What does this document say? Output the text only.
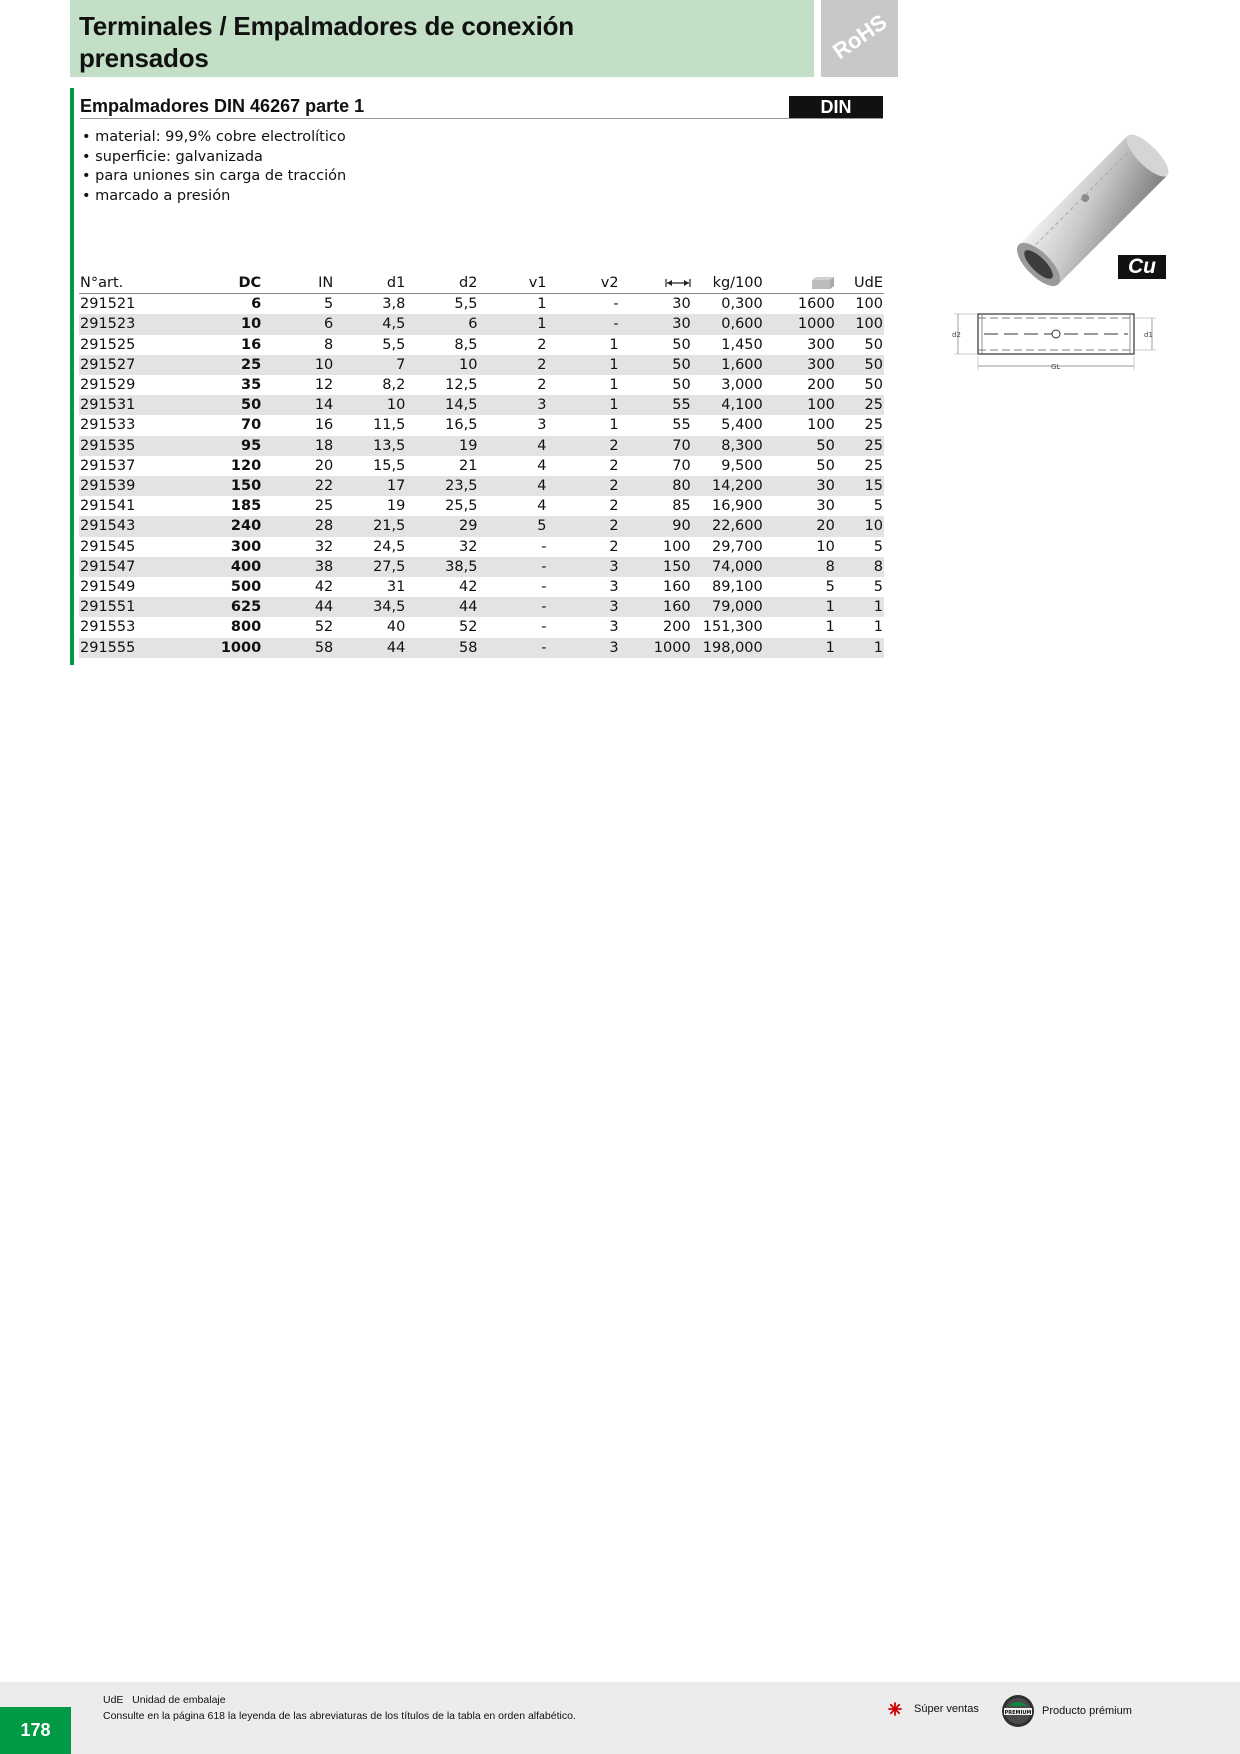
Terminales / Empalmadores de conexión prensados	RoHS
Empalmadores DIN 46267 parte 1	DIN
• material: 99,9% cobre electrolítico
• superficie: galvanizada
• para uniones sin carga de tracción
• marcado a presión
Cu
d2	d1
GL
N°art.	DC	IN	d1	d2	v1	v2		kg/100		UdE
291521	6	5	3,8	5,5	1	-	30	0,300	1600	100
291523	10	6	4,5	6	1	-	30	0,600	1000	100
291525	16	8	5,5	8,5	2	1	50	1,450	300	50
291527	25	10	7	10	2	1	50	1,600	300	50
291529	35	12	8,2	12,5	2	1	50	3,000	200	50
291531	50	14	10	14,5	3	1	55	4,100	100	25
291533	70	16	11,5	16,5	3	1	55	5,400	100	25
291535	95	18	13,5	19	4	2	70	8,300	50	25
291537	120	20	15,5	21	4	2	70	9,500	50	25
291539	150	22	17	23,5	4	2	80	14,200	30	15
291541	185	25	19	25,5	4	2	85	16,900	30	5
291543	240	28	21,5	29	5	2	90	22,600	20	10
291545	300	32	24,5	32	-	2	100	29,700	10	5
291547	400	38	27,5	38,5	-	3	150	74,000	8	8
291549	500	42	31	42	-	3	160	89,100	5	5
291551	625	44	34,5	44	-	3	160	79,000	1	1
291553	800	52	40	52	-	3	200	151,300	1	1
291555	1000	58	44	58	-	3	1000	198,000	1	1
178
UdE   Unidad de embalaje
Consulte en la página 618 la leyenda de las abreviaturas de los títulos de la tabla en orden alfabético.
Súper ventas	PREMIUM Producto prémium
